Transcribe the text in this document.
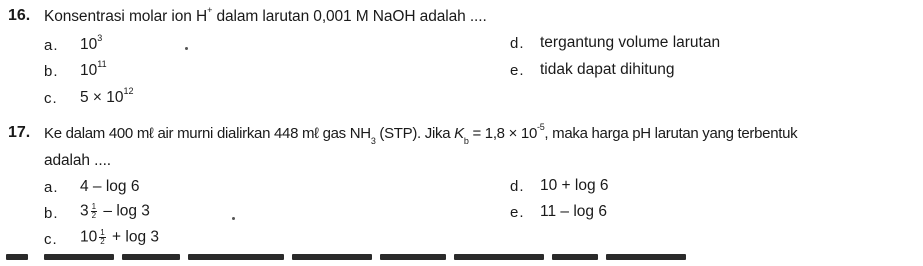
16. Konsentrasi molar ion H+ dalam larutan 0,001 M NaOH adalah ....
a. $10^3$
b. $10^{11}$
c. $5 \times 10^{12}$
d. tergantung volume larutan
e. tidak dapat dihitung
17. Ke dalam 400 mℓ air murni dialirkan 448 mℓ gas $NH_3$ (STP). Jika $K_b = 1,8 \times 10^{-5}$, maka harga pH larutan yang terbentuk
adalah ....
a. 4 – log 6
b. $3 \frac{1}{2}$ – log 3
c. $10 \frac{1}{2} + \log 3$
d. 10 + log 6
e. 11 – log 6
